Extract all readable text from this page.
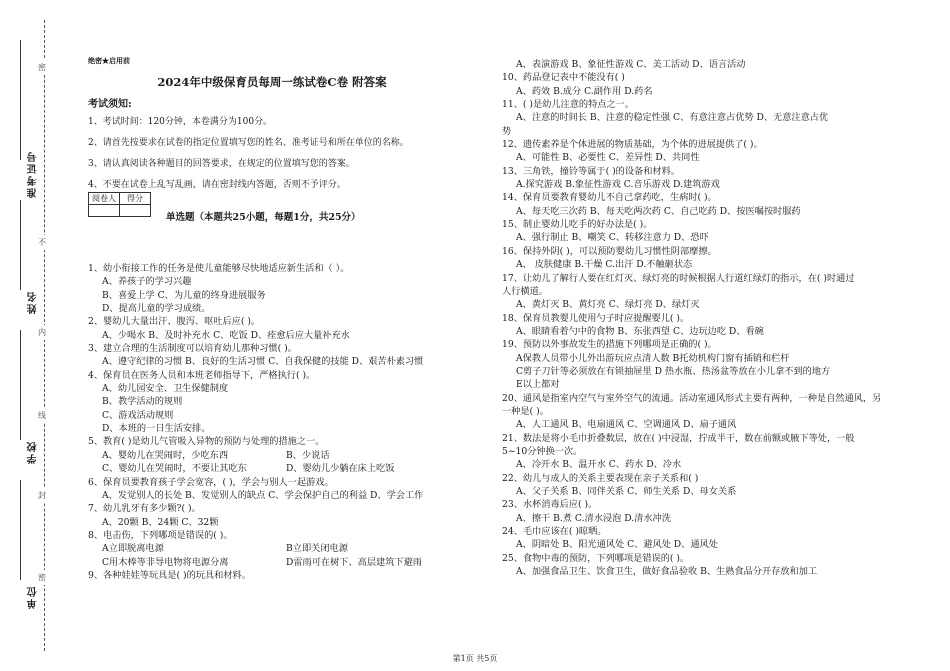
准考证号
姓名
学校
单位
密
不
内
线
封
密
绝密★启用前
2024年中级保育员每周一练试卷C卷 附答案
考试须知:
1、考试时间：120分钟，本卷满分为100分。
2、请首先按要求在试卷的指定位置填写您的姓名、准考证号和所在单位的名称。
3、请认真阅读各种题目的回答要求，在规定的位置填写您的答案。
4、不要在试卷上乱写乱画，请在密封线内答题，否则不予评分。
阅卷人	得分

单选题（本题共25小题，每题1分，共25分）
1、幼小衔接工作的任务是使儿童能够尽快地适应新生活和（ ）。
A、养孩子的学习兴趣
B、喜爱上学 C、为儿童的终身进展服务
D、提高儿童的学习成绩。
2、婴幼儿大量出汗、腹泻、呕吐后应( )。
A、少喝水 B、及时补充水 C、吃饭 D、痊愈后应大量补充水
3、建立合理的生活制度可以培育幼儿那种习惯( )。
A、遵守纪律的习惯 B、良好的生活习惯 C、自我保健的技能 D、艰苦朴素习惯
4、保育员在医务人员和本班老师指导下，严格执行( )。
A、幼儿园安全、卫生保健制度
B、教学活动的规则
C、游戏活动规则
D、本班的一日生活安排。
5、教育( )是幼儿气管吸入异物的预防与处理的措施之一。
A、婴幼儿在哭闹时，少吃东西	B、少说话
C、婴幼儿在哭闹时，不要让其吃东	D、婴幼儿少躺在床上吃饭
6、保育员要教育孩子学会宽容，( )，学会与别人一起游戏。
A、发觉别人的长处 B、发觉别人的缺点 C、学会保护自己的利益 D、学会工作
7、幼儿乳牙有多少颗?( )。
A、20颗 B、24颗 C、32颗
8、电击伤，下列哪项是错误的( )。
A立即脱离电源	B立即关闭电源
C用木棒等非导电物将电源分离	D雷雨可在树下、高层建筑下避雨
9、各种娃娃等玩具是( )的玩具和材料。
A、表演游戏 B、象征性游戏 C、美工活动 D、语言活动
10、药品登记表中不能没有( )
A、药效 B.成分 C.副作用 D.药名
11、( )是幼儿注意的特点之一。
A、注意的时间长 B、注意的稳定性强 C、有意注意占优势 D、无意注意占优
势
12、遗传素养是个体进展的物质基础，为个体的进展提供了( )。
A、可能性 B、必要性 C、差异性 D、共同性
13、三角铁，撞铃等属于( )的设备和材料。
A.探究游戏 B.象征性游戏 C.音乐游戏 D.建筑游戏
14、保育员要教育婴幼儿不自己拿药吃，生病时( )。
A、每天吃三次药 B、每天吃两次药 C、自己吃药 D、按医嘱按时服药
15、制止婴幼儿吃手的好办法是( )。
A、强行制止 B、嘲笑 C、转移注意力 D、恐吓
16、保持外阴( )，可以预防婴幼儿习惯性阴部摩擦。
A、 皮肤健康 B.干燥 C.出汗 D.不触砸状态
17、让幼儿了解行人要在红灯灭、绿灯亮的时候根据人行道红绿灯的指示，在( )时通过
人行横道。
A、黄灯灭 B、黄灯亮 C、绿灯亮 D、绿灯灭
18、保育员教婴儿使用勺子时应提醒婴儿( )。
A、眼睛看着勺中的食物 B、东张西望 C、边玩边吃 D、看碗
19、预防以外事故发生的措施下列哪项是正确的( )。
A保教人员带小儿外出游玩应点清人数 B托幼机构门窗有插销和栏杆
C剪子刀针等必须放在有锁抽屉里 D 热水瓶、热汤盆等放在小儿拿不到的地方
E以上都对
20、通风是指室内空气与室外空气的流通。活动室通风形式主要有两种，一种是自然通风，另
一种是( )。
A、人工通风 B、电扇通风 C、空调通风 D、扇子通风
21、数法是将小毛巾折叠数层，放在( )中浸湿，拧成半干，数在前额或腋下等处，一般
5~10分钟换一次。
A、冷开水 B、温开水 C、药水 D、冷水
22、幼儿与成人的关系主要表现在亲子关系和( )
A、父子关系 B、同伴关系 C、师生关系 D、母女关系
23、水杯消毒后应( )。
A、擦干 B.煮 C.清水浸泡 D.清水冲洗
24、毛巾应该在( )晾晒。
A、阴暗处 B、阳光通风处 C、避风处 D、通风处
25、食物中毒的预防，下列哪项是错误的( )。
A、加强食品卫生、饮食卫生，做好食品验收 B、生熟食品分开存放和加工
第1页 共5页
